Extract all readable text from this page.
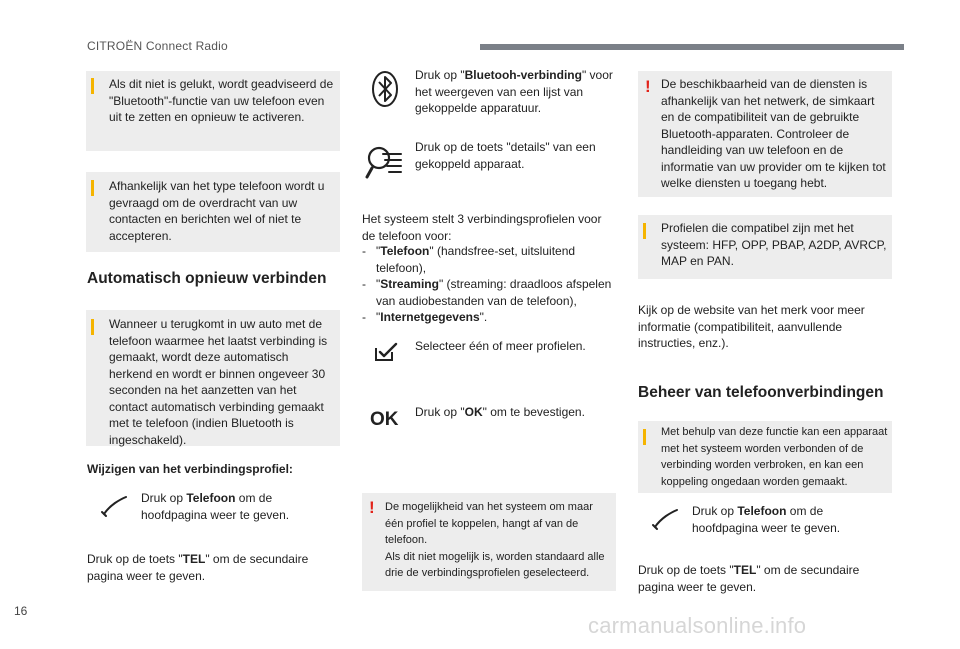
CITROËN Connect Radio

Als dit niet is gelukt, wordt geadviseerd de "Bluetooth"-functie van uw telefoon even uit te zetten en opnieuw te activeren.

Afhankelijk van het type telefoon wordt u gevraagd om de overdracht van uw contacten en berichten wel of niet te accepteren.

Automatisch opnieuw verbinden

Wanneer u terugkomt in uw auto met de telefoon waarmee het laatst verbinding is gemaakt, wordt deze automatisch herkend en wordt er binnen ongeveer 30 seconden na het aanzetten van het contact automatisch verbinding gemaakt met te telefoon (indien Bluetooth is ingeschakeld).

Wijzigen van het verbindingsprofiel:
Druk op Telefoon om de hoofdpagina weer te geven.
Druk op de toets "TEL" om de secundaire pagina weer te geven.
Druk op "Bluetooh-verbinding" voor het weergeven van een lijst van gekoppelde apparatuur.

Druk op de toets "details" van een gekoppeld apparaat.

Het systeem stelt 3 verbindingsprofielen voor de telefoon voor:

- "Telefoon" (handsfree-set, uitsluitend telefoon),
- "Streaming" (streaming: draadloos afspelen van audiobestanden van de telefoon),
- "Internetgegevens".

Selecteer één of meer profielen.

OK Druk op "OK" om te bevestigen.
! De mogelijkheid van het systeem om maar één profiel te koppelen, hangt af van de telefoon.

Als dit niet mogelijk is, worden standaard alle drie de verbindingsprofielen geselecteerd.

! De beschikbaarheid van de diensten is afhankelijk van het netwerk, de simkaart en de compatibiliteit van de gebruikte Bluetooth-apparaten. Controleer de handleiding van uw telefoon en de informatie van uw provider om te kijken tot welke diensten u toegang hebt.

Profielen die compatibel zijn met het systeem: HFP, OPP, PBAP, A2DP, AVRCP, MAP en PAN.

Kijk op de website van het merk voor meer informatie (compatibiliteit, aanvullende instructies, enz.).

Beheer van telefoonverbindingen

Met behulp van deze functie kan een apparaat met het systeem worden verbonden of de verbinding worden verbroken, en kan een koppeling ongedaan worden gemaakt.

Druk op Telefoon om de hoofdpagina weer te geven.
Druk op de toets "TEL" om de secundaire pagina weer te geven.
16
carmanualsonline.info
